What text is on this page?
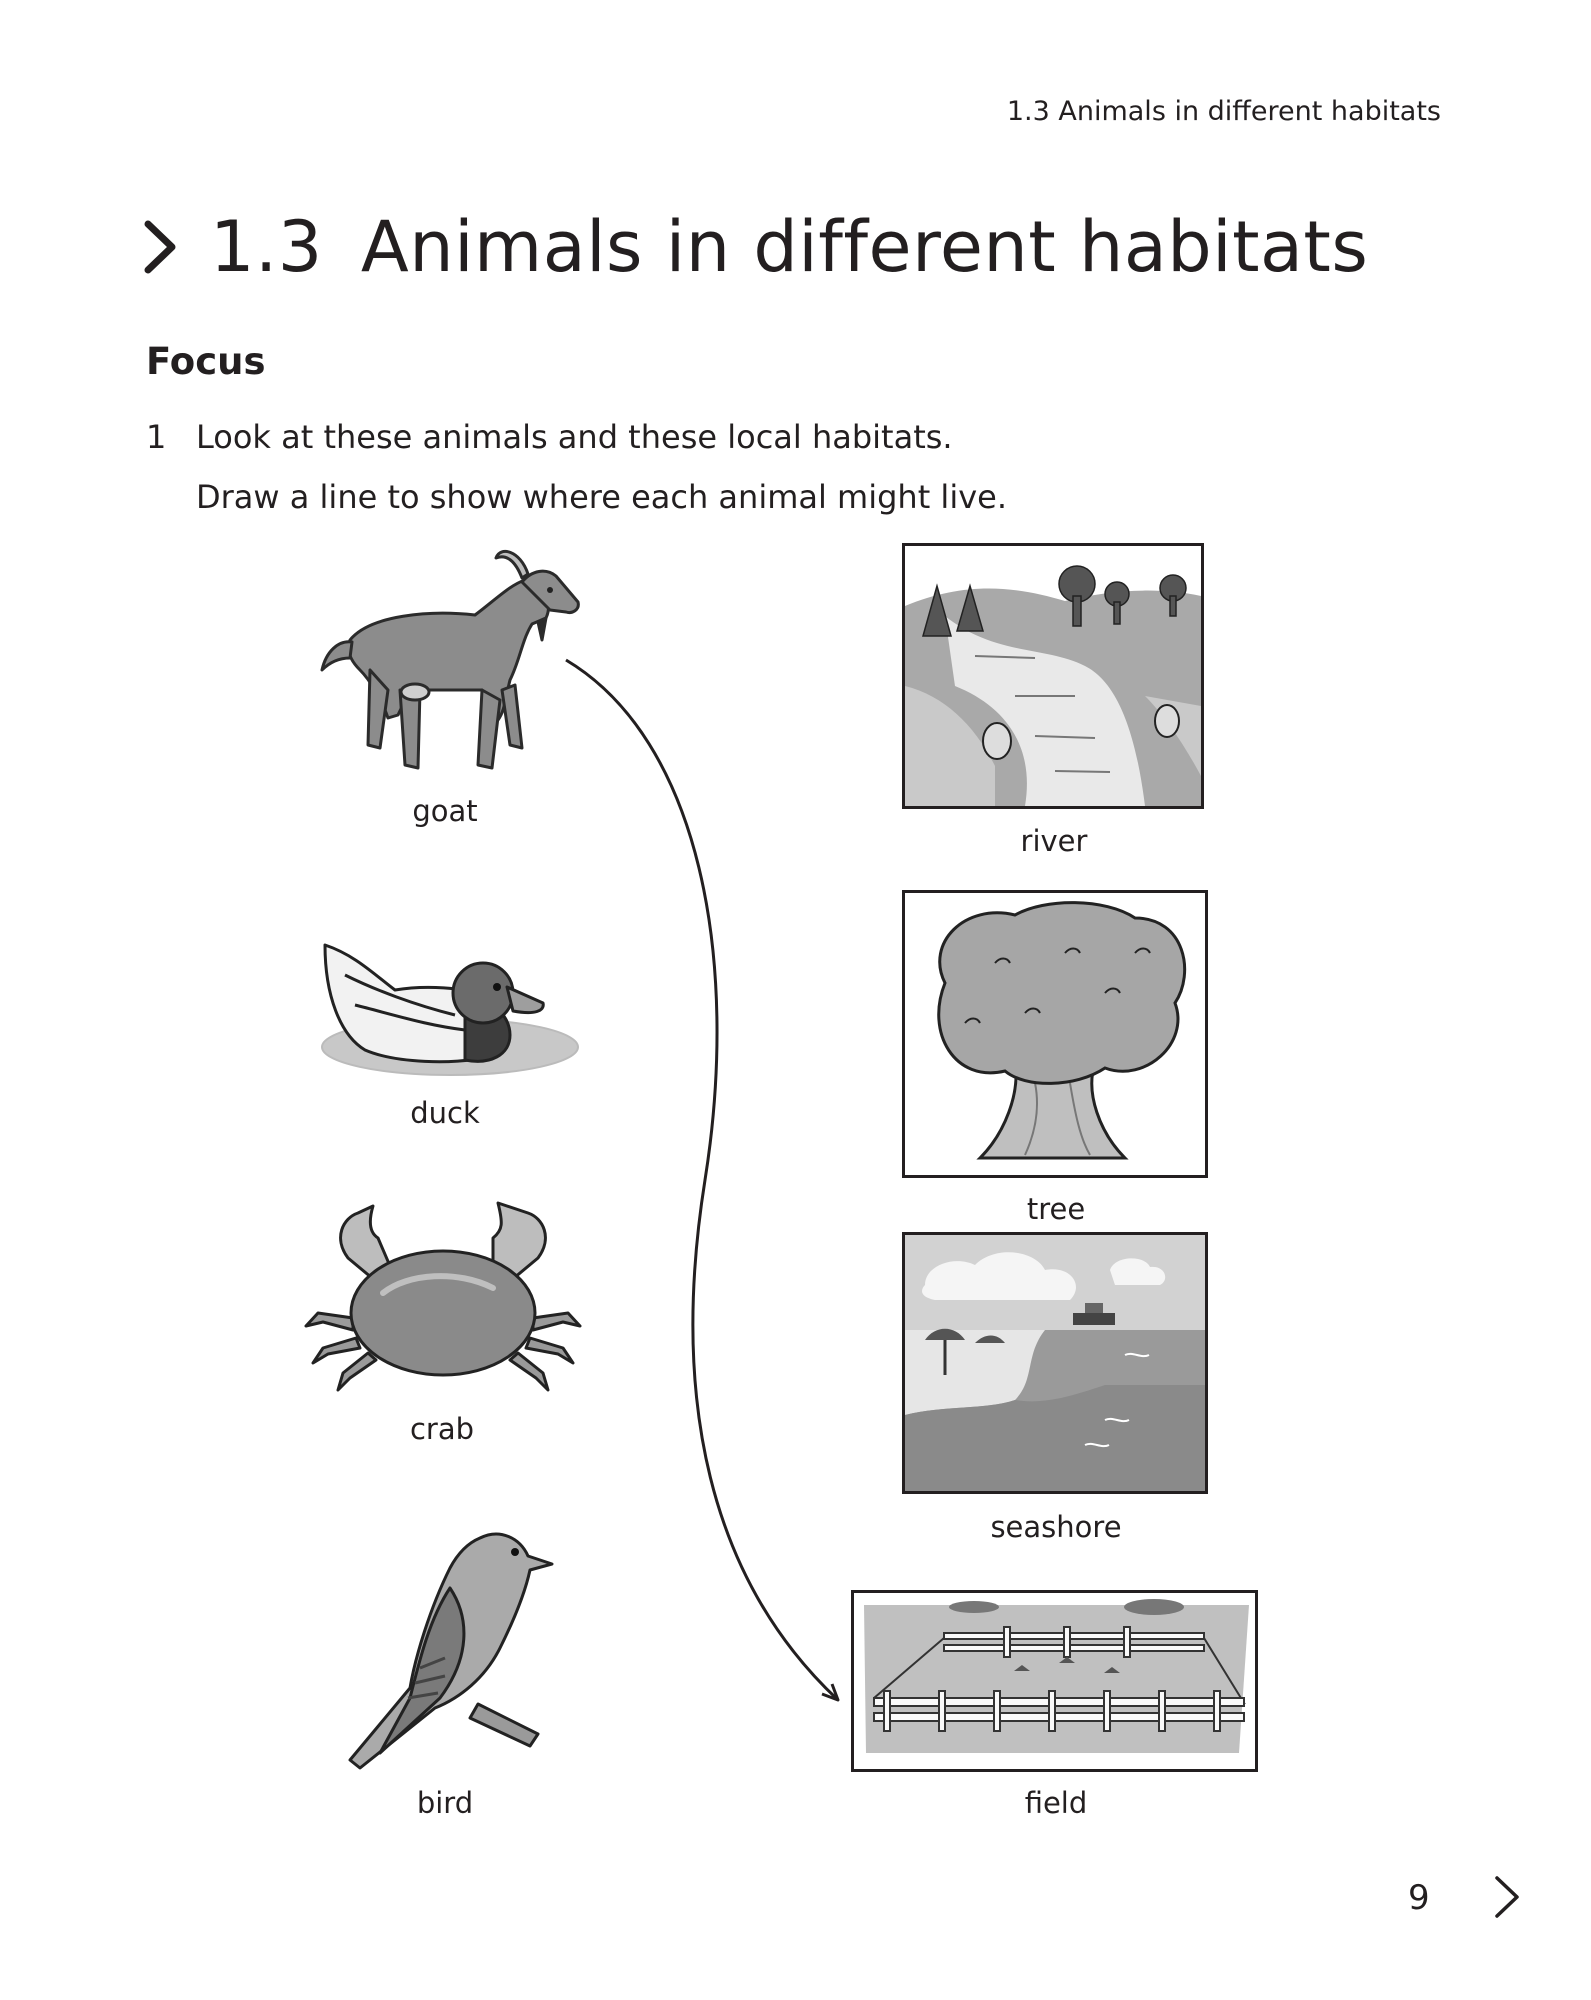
1.3 Animals in different habitats
1.3 Animals in different habitats
Focus
1 Look at these animals and these local habitats.
Draw a line to show where each animal might live.
goat
duck
crab
bird
river
tree
seashore
field
9
